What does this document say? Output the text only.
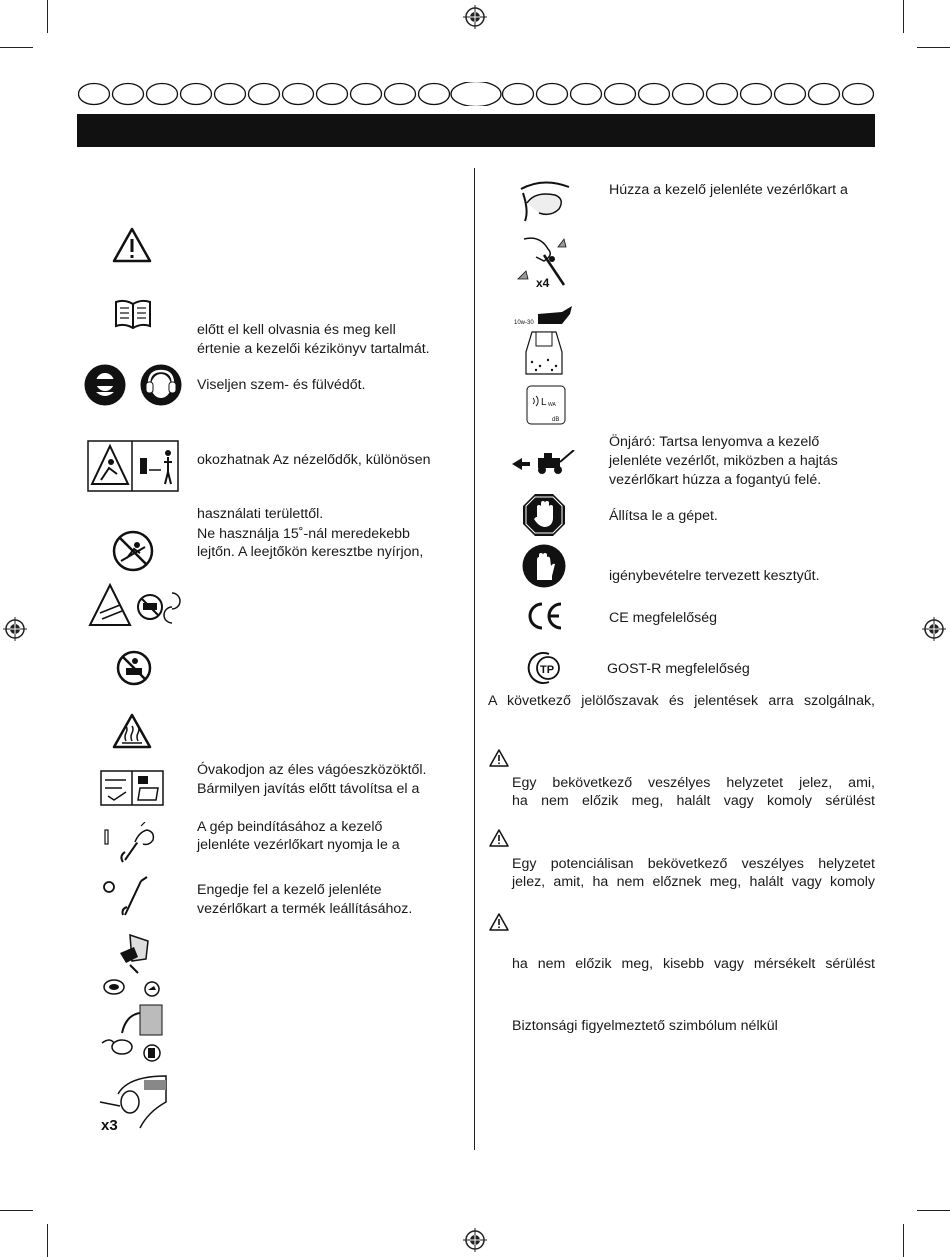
x3
előtt el kell olvasnia és meg kell
értenie a kezelői kézikönyv tartalmát.
Viseljen szem- és fülvédőt.
okozhatnak Az nézelődők, különösen
használati területtől.
Ne használja 15˚-nál meredekebb
lejtőn. A leejtőkön keresztbe nyírjon,
Óvakodjon az éles vágóeszközöktől.
Bármilyen javítás előtt távolítsa el a
A gép beindításához a kezelő
jelenléte vezérlőkart nyomja le a
Engedje fel a kezelő jelenléte
vezérlőkart a termék leállításához.
x4
10w-30
L WA
dB
TP
Húzza a kezelő jelenléte vezérlőkart a
Önjáró: Tartsa lenyomva a kezelő
jelenléte vezérlőt, miközben a hajtás
vezérlőkart húzza a fogantyú felé.
Állítsa le a gépet.
igénybevételre tervezett kesztyűt.
CE megfelelőség
GOST-R megfelelőség
A következő jelölőszavak és jelentések arra szolgálnak,
Egy bekövetkező veszélyes helyzetet jelez, ami,
ha nem előzik meg, halált vagy komoly sérülést
Egy potenciálisan bekövetkező veszélyes helyzetet
jelez, amit, ha nem előznek meg, halált vagy komoly
ha nem előzik meg, kisebb vagy mérsékelt sérülést
Biztonsági figyelmeztető szimbólum nélkül
